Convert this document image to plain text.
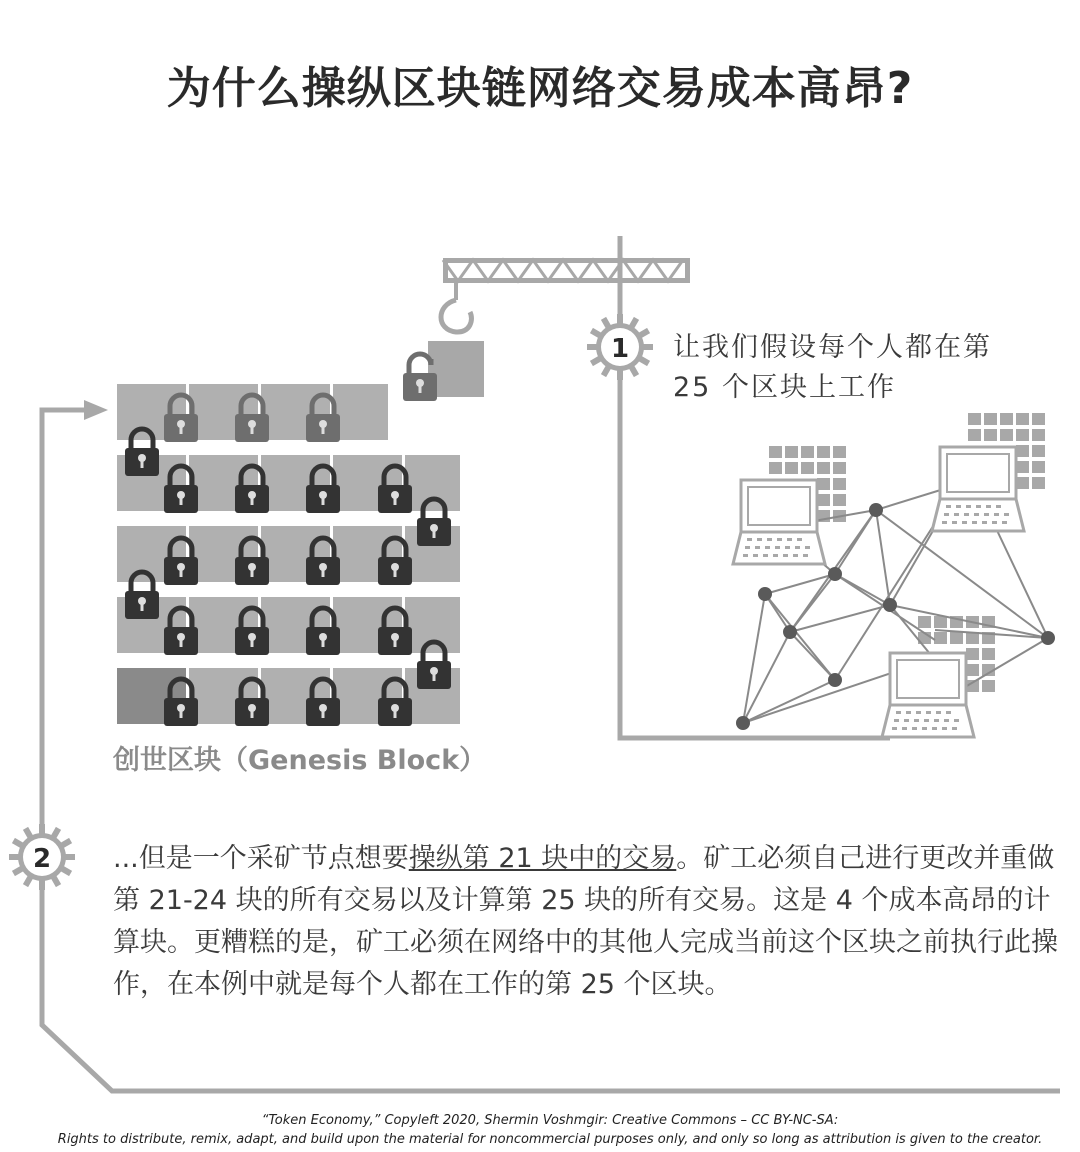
为什么操纵区块链网络交易成本高昂?
1
2
让我们假设每个人都在第
25 个区块上工作
创世区块（Genesis Block）
...但是一个采矿节点想要操纵第 21 块中的交易。矿工必须自己进行更改并重做第 21-24 块的所有交易以及计算第 25 块的所有交易。这是 4 个成本高昂的计算块。更糟糕的是，矿工必须在网络中的其他人完成当前这个区块之前执行此操作，在本例中就是每个人都在工作的第 25 个区块。
“Token Economy,” Copyleft 2020, Shermin Voshmgir: Creative Commons – CC BY-NC-SA:
Rights to distribute, remix, adapt, and build upon the material for noncommercial purposes only, and only so long as attribution is given to the creator.
